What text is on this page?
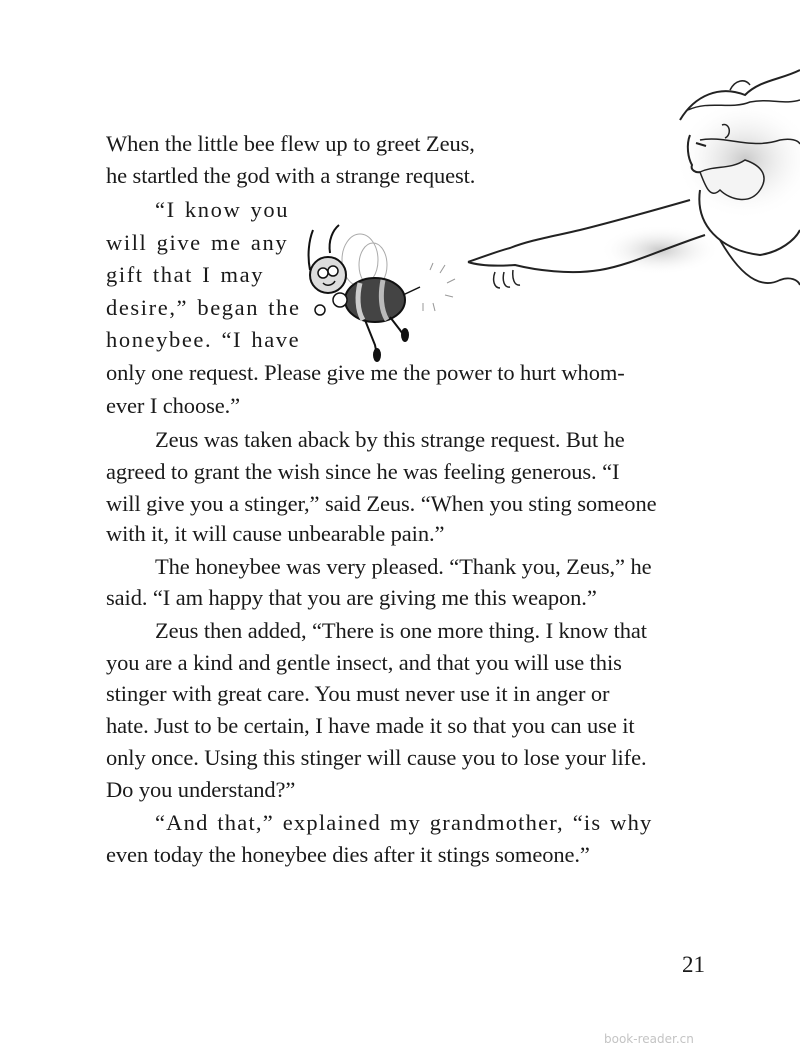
When the little bee flew up to greet Zeus,
he startled the god with a strange request.
“I know you
will give me any
gift that I may
desire,” began the
honeybee. “I have
only one request. Please give me the power to hurt whom-
ever I choose.”
Zeus was taken aback by this strange request. But he
agreed to grant the wish since he was feeling generous. “I
will give you a stinger,” said Zeus. “When you sting someone
with it, it will cause unbearable pain.”
The honeybee was very pleased. “Thank you, Zeus,” he
said. “I am happy that you are giving me this weapon.”
Zeus then added, “There is one more thing. I know that
you are a kind and gentle insect, and that you will use this
stinger with great care. You must never use it in anger or
hate. Just to be certain, I have made it so that you can use it
only once. Using this stinger will cause you to lose your life.
Do you understand?”
“And that,” explained my grandmother, “is why
even today the honeybee dies after it stings someone.”
21
book-reader.cn
